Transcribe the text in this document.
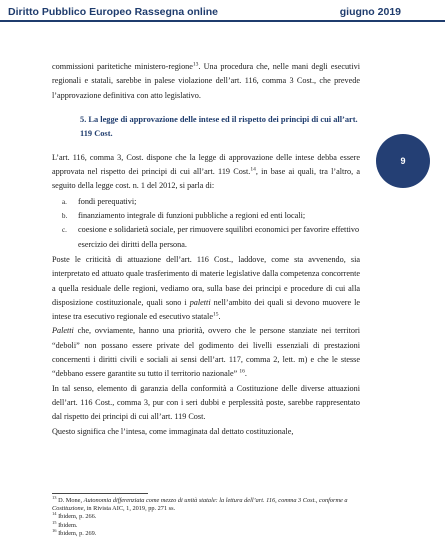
Diritto Pubblico Europeo Rassegna online	giugno 2019
9

commissioni paritetiche ministero-regione$^{13}$. Una procedura che, nelle mani degli esecutivi regionali e statali, sarebbe in palese violazione dell’art. 116, comma 3 Cost., che prevede l’approvazione definitiva con atto legislativo.

5. La legge di approvazione delle intese ed il rispetto dei principi di cui all’art. 119 Cost.

L’art. 116, comma 3, Cost. dispone che la legge di approvazione delle intese debba essere approvata nel rispetto dei principi di cui all’art. 119 Cost.$^{14}$, in base ai quali, tra l’altro, a seguito della legge cost. n. 1 del 2012, si parla di:

a. fondi perequativi;
b. finanziamento integrale di funzioni pubbliche a regioni ed enti locali;
c. coesione e solidarietà sociale, per rimuovere squilibri economici per favorire effettivo esercizio dei diritti della persona.

Poste le criticità di attuazione dell’art. 116 Cost., laddove, come sta avvenendo, sia interpretato ed attuato quale trasferimento di materie legislative dalla competenza concorrente a quella residuale delle regioni, vediamo ora, sulla base dei principi e procedure di cui alla disposizione costituzionale, quali sono i paletti nell’ambito dei quali si devono muovere le intese tra esecutivo regionale ed esecutivo statale$^{15}$.

Paletti che, ovviamente, hanno una priorità, ovvero che le persone stanziate nei territori “deboli” non possano essere private del godimento dei livelli essenziali di prestazioni concernenti i diritti civili e sociali ai sensi dell’art. 117, comma 2, lett. m) e che le stesse “debbano essere garantite su tutto il territorio nazionale” $^{16}$.

In tal senso, elemento di garanzia della conformità a Costituzione delle diverse attuazioni dell’art. 116 Cost., comma 3, pur con i seri dubbi e perplessità poste, sarebbe rappresentato dal rispetto dei principi di cui all’art. 119 Cost.

Questo significa che l’intesa, come immaginata dal dettato costituzionale,

$^{13}$ D. Mone, Autonomia differenziata come mezzo di unità statale: la lettura dell’art. 116, comma 3 Cost., conforme a Costituzione, in Rivista AIC, 1, 2019, pp. 271 ss.

$^{14}$ Ibidem, p. 266.

$^{15}$ Ibidem.

$^{16}$ Ibidem, p. 269.
